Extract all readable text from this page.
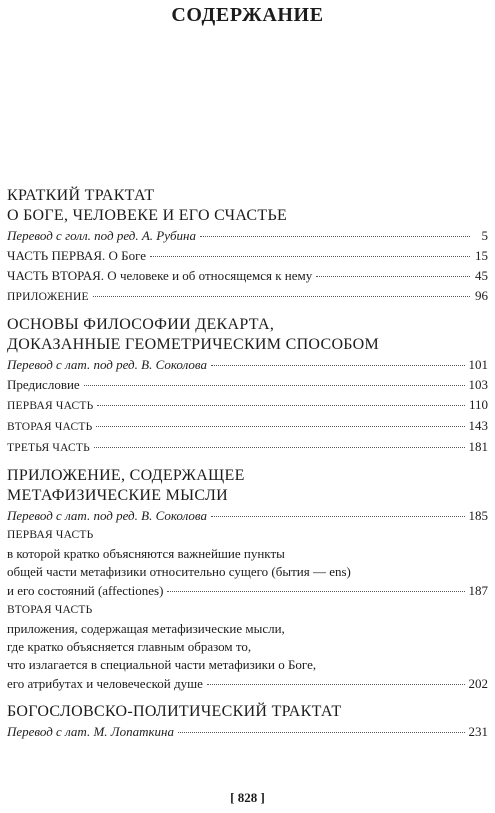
СОДЕРЖАНИЕ

КРАТКИЙ ТРАКТАТ

О БОГЕ, ЧЕЛОВЕКЕ И ЕГО СЧАСТЬЕ

Перевод с голл. под ред. А. Рубина	5
ЧАСТЬ ПЕРВАЯ. О Боге	15
ЧАСТЬ ВТОРАЯ. О человеке и об относящемся к нему	45
ПРИЛОЖЕНИЕ	96

ОСНОВЫ ФИЛОСОФИИ ДЕКАРТА,

ДОКАЗАННЫЕ ГЕОМЕТРИЧЕСКИМ СПОСОБОМ

Перевод с лат. под ред. В. Соколова	101
Предисловие	103
ПЕРВАЯ ЧАСТЬ	110
ВТОРАЯ ЧАСТЬ	143
ТРЕТЬЯ ЧАСТЬ	181

ПРИЛОЖЕНИЕ, СОДЕРЖАЩЕЕ

МЕТАФИЗИЧЕСКИЕ МЫСЛИ

Перевод с лат. под ред. В. Соколова	185
ПЕРВАЯ ЧАСТЬ
в которой кратко объясняются важнейшие пункты
общей части метафизики относительно сущего (бытия — ens)
и его состояний (affectiones)	187
ВТОРАЯ ЧАСТЬ
приложения, содержащая метафизические мысли,
где кратко объясняется главным образом то,
что излагается в специальной части метафизики о Боге,
его атрибутах и человеческой душе	202

БОГОСЛОВСКО-ПОЛИТИЧЕСКИЙ ТРАКТАТ

Перевод с лат. М. Лопаткина	231
[ 828 ]
